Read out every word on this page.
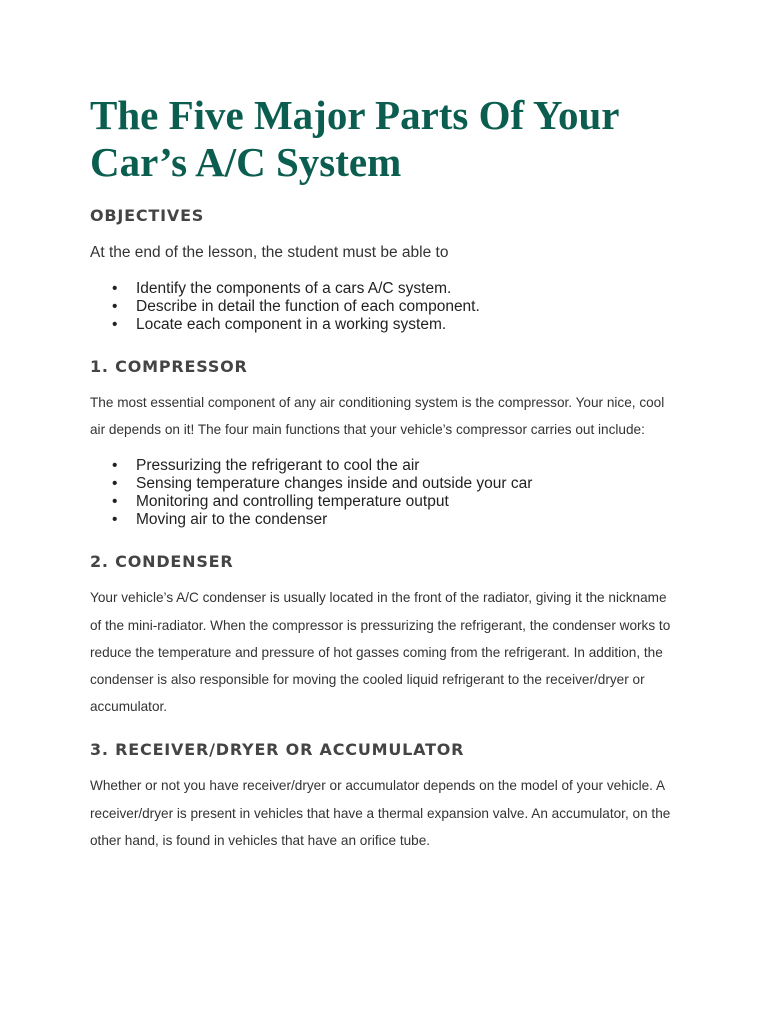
The Five Major Parts Of Your Car’s A/C System
OBJECTIVES

At the end of the lesson, the student must be able to

• Identify the components of a cars A/C system.
• Describe in detail the function of each component.
• Locate each component in a working system.
1. COMPRESSOR

The most essential component of any air conditioning system is the compressor. Your nice, cool air depends on it! The four main functions that your vehicle’s compressor carries out include:

• Pressurizing the refrigerant to cool the air
• Sensing temperature changes inside and outside your car
• Monitoring and controlling temperature output
• Moving air to the condenser
2. CONDENSER

Your vehicle’s A/C condenser is usually located in the front of the radiator, giving it the nickname of the mini-radiator. When the compressor is pressurizing the refrigerant, the condenser works to reduce the temperature and pressure of hot gasses coming from the refrigerant. In addition, the condenser is also responsible for moving the cooled liquid refrigerant to the receiver/dryer or accumulator.

3. RECEIVER/DRYER OR ACCUMULATOR

Whether or not you have receiver/dryer or accumulator depends on the model of your vehicle. A receiver/dryer is present in vehicles that have a thermal expansion valve. An accumulator, on the other hand, is found in vehicles that have an orifice tube.
